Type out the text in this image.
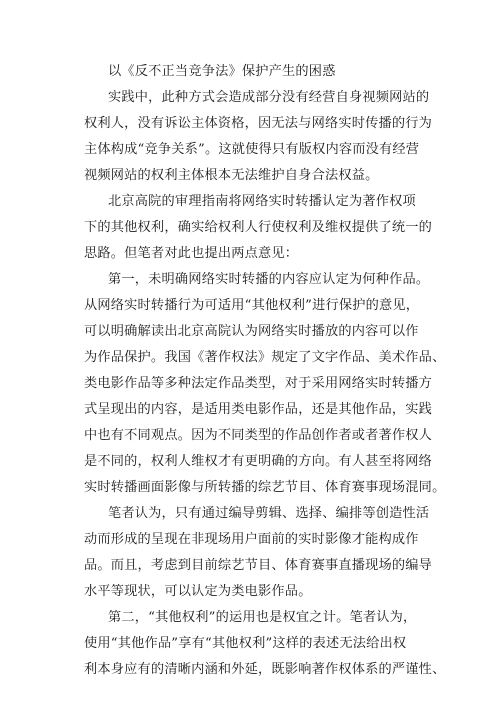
以《反不正当竞争法》保护产生的困惑
实践中，此种方式会造成部分没有经营自身视频网站的
权利人，没有诉讼主体资格，因无法与网络实时传播的行为
主体构成“竞争关系”。这就使得只有版权内容而没有经营
视频网站的权利主体根本无法维护自身合法权益。
北京高院的审理指南将网络实时转播认定为著作权项
下的其他权利，确实给权利人行使权利及维权提供了统一的
思路。但笔者对此也提出两点意见：
第一，未明确网络实时转播的内容应认定为何种作品。
从网络实时转播行为可适用“其他权利”进行保护的意见，
可以明确解读出北京高院认为网络实时播放的内容可以作
为作品保护。我国《著作权法》规定了文字作品、美术作品、
类电影作品等多种法定作品类型，对于采用网络实时转播方
式呈现出的内容，是适用类电影作品，还是其他作品，实践
中也有不同观点。因为不同类型的作品创作者或者著作权人
是不同的，权利人维权才有更明确的方向。有人甚至将网络
实时转播画面影像与所转播的综艺节目、体育赛事现场混同。
笔者认为，只有通过编导剪辑、选择、编排等创造性活
动而形成的呈现在非现场用户面前的实时影像才能构成作
品。而且，考虑到目前综艺节目、体育赛事直播现场的编导
水平等现状，可以认定为类电影作品。
第二，“其他权利”的运用也是权宜之计。笔者认为，
使用“其他作品”享有“其他权利”这样的表述无法给出权
利本身应有的清晰内涵和外延，既影响著作权体系的严谨性、
